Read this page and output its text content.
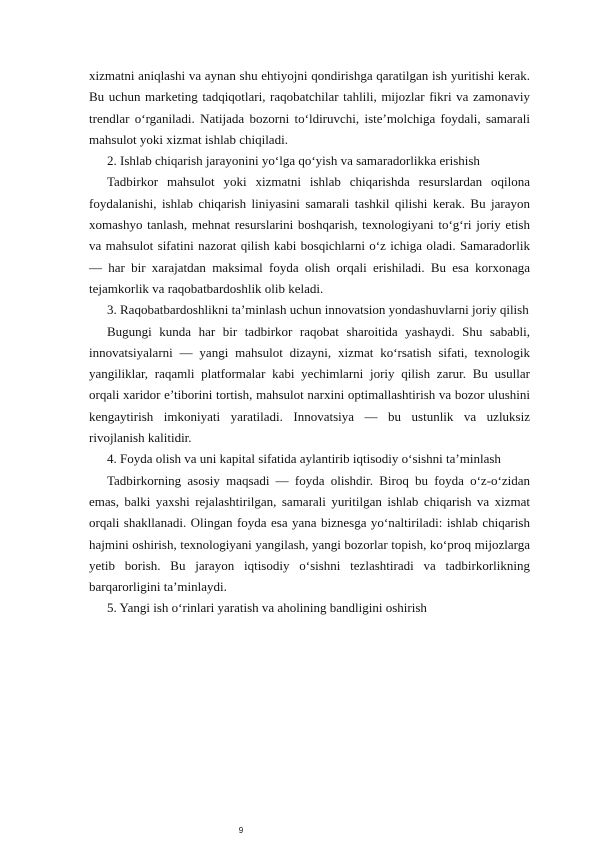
xizmatni aniqlashi va aynan shu ehtiyojni qondirishga qaratilgan ish yuritishi kerak. Bu uchun marketing tadqiqotlari, raqobatchilar tahlili, mijozlar fikri va zamonaviy trendlar o‘rganiladi. Natijada bozorni to‘ldiruvchi, iste’molchiga foydali, samarali mahsulot yoki xizmat ishlab chiqiladi.

2. Ishlab chiqarish jarayonini yo‘lga qo‘yish va samaradorlikka erishish

Tadbirkor mahsulot yoki xizmatni ishlab chiqarishda resurslardan oqilona foydalanishi, ishlab chiqarish liniyasini samarali tashkil qilishi kerak. Bu jarayon xomashyo tanlash, mehnat resurslarini boshqarish, texnologiyani to‘g‘ri joriy etish va mahsulot sifatini nazorat qilish kabi bosqichlarni o‘z ichiga oladi. Samaradorlik — har bir xarajatdan maksimal foyda olish orqali erishiladi. Bu esa korxonaga tejamkorlik va raqobatbardoshlik olib keladi.

3. Raqobatbardoshlikni ta’minlash uchun innovatsion yondashuvlarni joriy qilish

Bugungi kunda har bir tadbirkor raqobat sharoitida yashaydi. Shu sababli, innovatsiyalarni — yangi mahsulot dizayni, xizmat ko‘rsatish sifati, texnologik yangiliklar, raqamli platformalar kabi yechimlarni joriy qilish zarur. Bu usullar orqali xaridor e’tiborini tortish, mahsulot narxini optimallashtirish va bozor ulushini kengaytirish imkoniyati yaratiladi. Innovatsiya — bu ustunlik va uzluksiz rivojlanish kalitidir.

4. Foyda olish va uni kapital sifatida aylantirib iqtisodiy o‘sishni ta’minlash

Tadbirkorning asosiy maqsadi — foyda olishdir. Biroq bu foyda o‘z-o‘zidan emas, balki yaxshi rejalashtirilgan, samarali yuritilgan ishlab chiqarish va xizmat orqali shakllanadi. Olingan foyda esa yana biznesga yo‘naltiriladi: ishlab chiqarish hajmini oshirish, texnologiyani yangilash, yangi bozorlar topish, ko‘proq mijozlarga yetib borish. Bu jarayon iqtisodiy o‘sishni tezlashtiradi va tadbirkorlikning barqarorligini ta’minlaydi.

5. Yangi ish o‘rinlari yaratish va aholining bandligini oshirish

9
